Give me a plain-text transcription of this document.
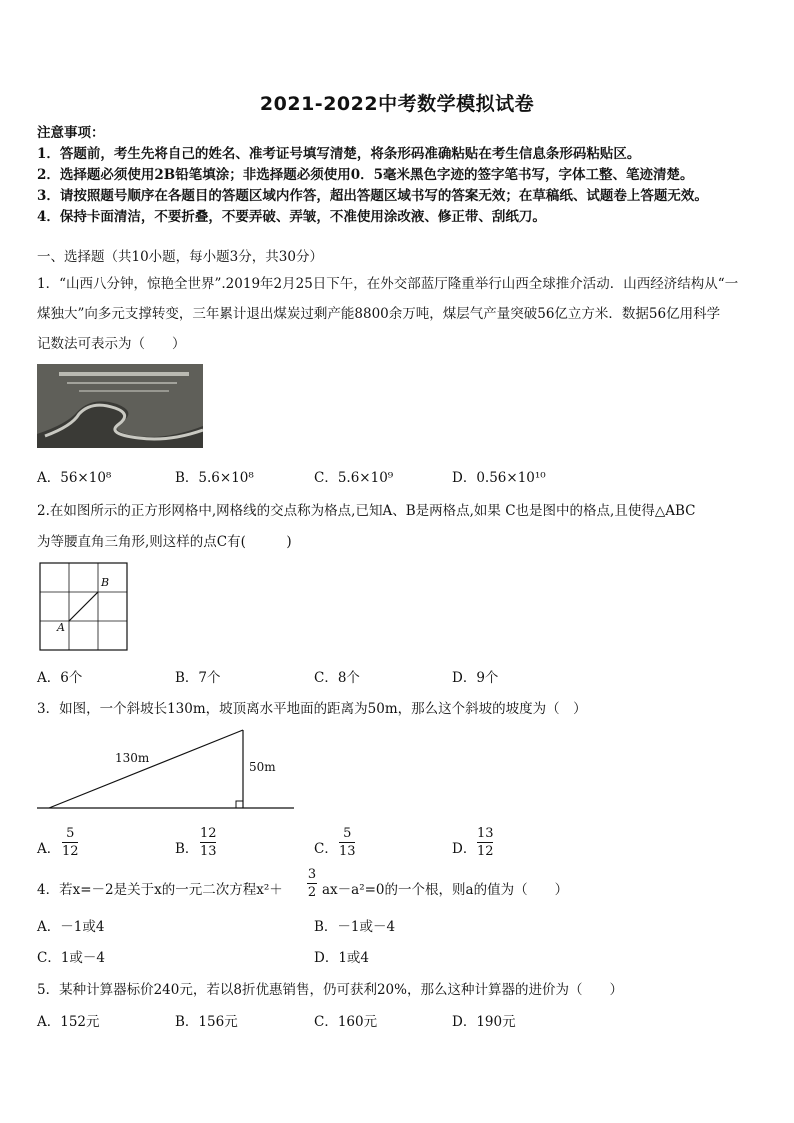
2021-2022中考数学模拟试卷
注意事项：
1．答题前，考生先将自己的姓名、准考证号填写清楚，将条形码准确粘贴在考生信息条形码粘贴区。
2．选择题必须使用2B铅笔填涂；非选择题必须使用0．5毫米黑色字迹的签字笔书写，字体工整、笔迹清楚。
3．请按照题号顺序在各题目的答题区域内作答，超出答题区域书写的答案无效；在草稿纸、试题卷上答题无效。
4．保持卡面清洁，不要折叠，不要弄破、弄皱，不准使用涂改液、修正带、刮纸刀。
一、选择题（共10小题，每小题3分，共30分）
1．“山西八分钟，惊艳全世界”.2019年2月25日下午，在外交部蓝厅隆重举行山西全球推介活动．山西经济结构从“一
煤独大”向多元支撑转变，三年累计退出煤炭过剩产能8800余万吨，煤层气产量突破56亿立方米．数据56亿用科学
记数法可表示为（　　）
A．56×10⁸	B．5.6×10⁸	C．5.6×10⁹	D．0.56×10¹⁰
2.在如图所示的正方形网格中,网格线的交点称为格点,已知A、B是两格点,如果 C也是图中的格点,且使得△ABC
为等腰直角三角形,则这样的点C有(　　　)
A
B
A．6个	B．7个	C．8个	D．9个
3．如图，一个斜坡长130m，坡顶离水平地面的距离为50m，那么这个斜坡的坡度为（　）
130m
50m
A．
5
12	B．
12
13	C．
5
13	D．
13
12
4．若x=－2是关于x的一元二次方程x²＋
3
2 ax－a²=0的一个根，则a的值为（　　）
A．－1或4	B．－1或－4
C．1或－4	D．1或4
5．某种计算器标价240元，若以8折优惠销售，仍可获利20%，那么这种计算器的进价为（　　）
A．152元	B．156元	C．160元	D．190元
